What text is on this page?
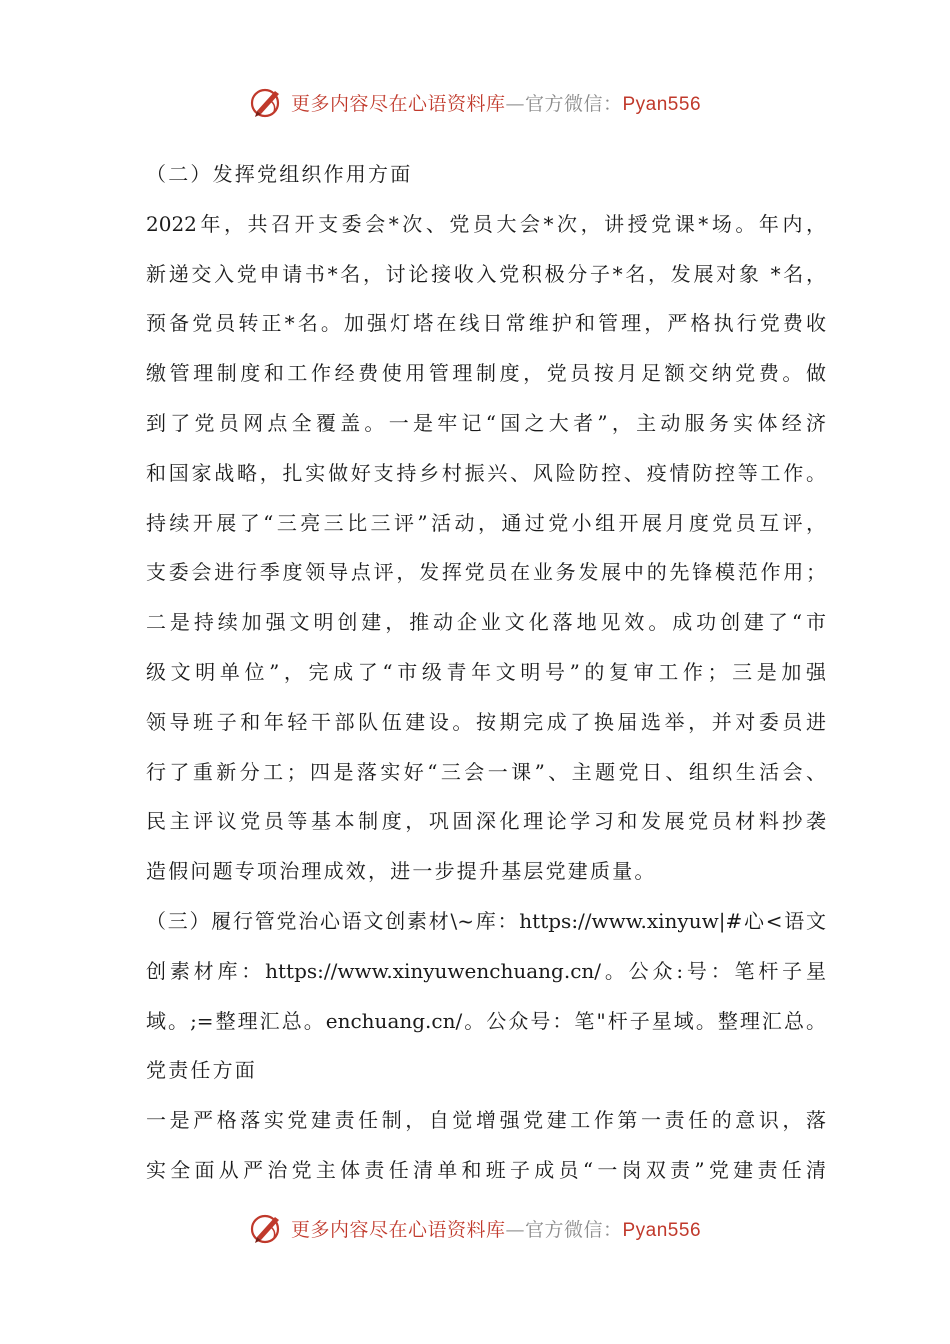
更多内容尽在心语资料库—官方微信：Pyan556
（二）发挥党组织作用方面
2022年，共召开支委会*次、党员大会*次，讲授党课*场。年内，
新递交入党申请书*名，讨论接收入党积极分子*名，发展对象 *名，
预备党员转正*名。加强灯塔在线日常维护和管理，严格执行党费收
缴管理制度和工作经费使用管理制度，党员按月足额交纳党费。做
到了党员网点全覆盖。一是牢记“国之大者”，主动服务实体经济
和国家战略，扎实做好支持乡村振兴、风险防控、疫情防控等工作。
持续开展了“三亮三比三评”活动，通过党小组开展月度党员互评，
支委会进行季度领导点评，发挥党员在业务发展中的先锋模范作用；
二是持续加强文明创建，推动企业文化落地见效。成功创建了“市
级文明单位”，完成了“市级青年文明号”的复审工作；三是加强
领导班子和年轻干部队伍建设。按期完成了换届选举，并对委员进
行了重新分工；四是落实好“三会一课”、主题党日、组织生活会、
民主评议党员等基本制度，巩固深化理论学习和发展党员材料抄袭
造假问题专项治理成效，进一步提升基层党建质量。
（三）履行管党治心语文创素材\~库：https://www.xinyuw|#心<语文
创素材库：https://www.xinyuwenchuang.cn/。公众:号：笔杆子星
域。;=整理汇总。enchuang.cn/。公众号：笔"杆子星域。整理汇总。
党责任方面
一是严格落实党建责任制，自觉增强党建工作第一责任的意识，落
实全面从严治党主体责任清单和班子成员“一岗双责”党建责任清
更多内容尽在心语资料库—官方微信：Pyan556
